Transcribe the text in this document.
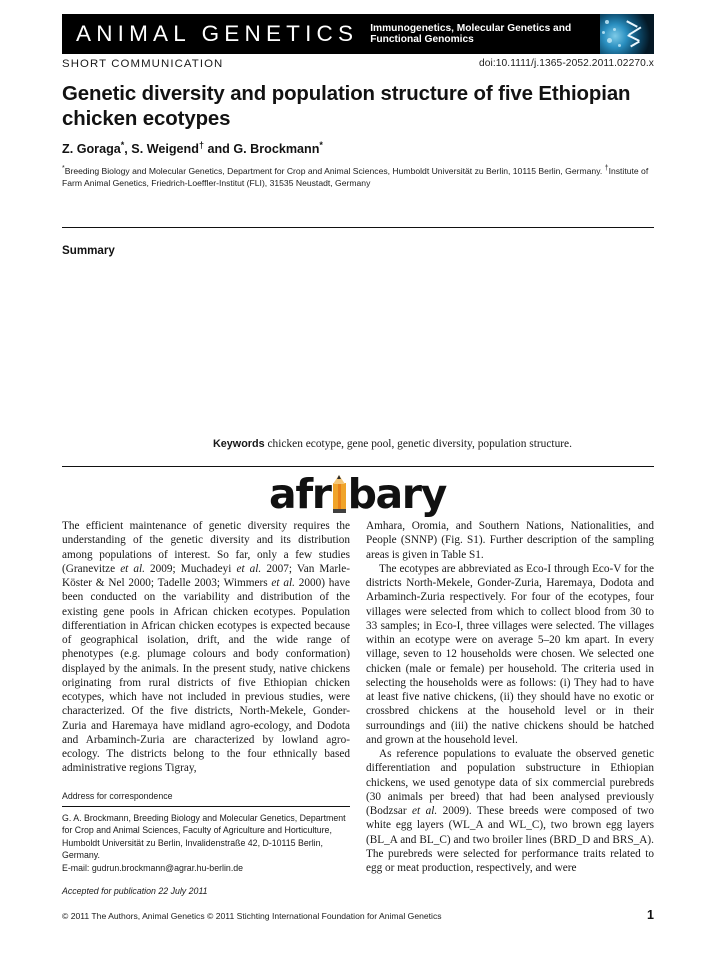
ANIMAL GENETICS Immunogenetics, Molecular Genetics and Functional Genomics
SHORT COMMUNICATION	doi:10.1111/j.1365-2052.2011.02270.x
Genetic diversity and population structure of five Ethiopian chicken ecotypes
Z. Goraga*, S. Weigend† and G. Brockmann*
*Breeding Biology and Molecular Genetics, Department for Crop and Animal Sciences, Humboldt Universität zu Berlin, 10115 Berlin, Germany. †Institute of Farm Animal Genetics, Friedrich-Loeffler-Institut (FLI), 31535 Neustadt, Germany
Summary
Keywords chicken ecotype, gene pool, genetic diversity, population structure.
afr bary

The efficient maintenance of genetic diversity requires the understanding of the genetic diversity and its distribution among populations of interest. So far, only a few studies (Granevitze et al. 2009; Muchadeyi et al. 2007; Van Marle-Köster & Nel 2000; Tadelle 2003; Wimmers et al. 2000) have been conducted on the variability and distribution of the existing gene pools in African chicken ecotypes. Population differentiation in African chicken ecotypes is expected because of geographical isolation, drift, and the wide range of phenotypes (e.g. plumage colours and body conformation) displayed by the animals. In the present study, native chickens originating from rural districts of five Ethiopian chicken ecotypes, which have not included in previous studies, were characterized. Of the five districts, North-Mekele, Gonder-Zuria and Haremaya have midland agro-ecology, and Dodota and Arbaminch-Zuria are characterized by lowland agro-ecology. The districts belong to the four ethnically based administrative regions Tigray,

Amhara, Oromia, and Southern Nations, Nationalities, and People (SNNP) (Fig. S1). Further description of the sampling areas is given in Table S1.

The ecotypes are abbreviated as Eco-I through Eco-V for the districts North-Mekele, Gonder-Zuria, Haremaya, Dodota and Arbaminch-Zuria respectively. For four of the ecotypes, four villages were selected from which to collect blood from 30 to 33 samples; in Eco-I, three villages were selected. The villages within an ecotype were on average 5–20 km apart. In every village, seven to 12 households were chosen. We selected one chicken (male or female) per household. The criteria used in selecting the households were as follows: (i) They had to have at least five native chickens, (ii) they should have no exotic or crossbred chickens at the household level or in their surroundings and (iii) the native chickens should be hatched and grown at the household level.

As reference populations to evaluate the observed genetic differentiation and population substructure in Ethiopian chickens, we used genotype data of six commercial purebreds (30 animals per breed) that had been analysed previously (Bodzsar et al. 2009). These breeds were composed of two white egg layers (WL_A and WL_C), two brown egg layers (BL_A and BL_C) and two broiler lines (BRD_D and BRS_A). The purebreds were selected for performance traits related to egg or meat production, respectively, and were

Address for correspondence
G. A. Brockmann, Breeding Biology and Molecular Genetics, Department for Crop and Animal Sciences, Faculty of Agriculture and Horticulture, Humboldt Universität zu Berlin, Invalidenstraße 42, D-10115 Berlin, Germany.
E-mail: gudrun.brockmann@agrar.hu-berlin.de
Accepted for publication 22 July 2011
© 2011 The Authors, Animal Genetics © 2011 Stichting International Foundation for Animal Genetics	1
